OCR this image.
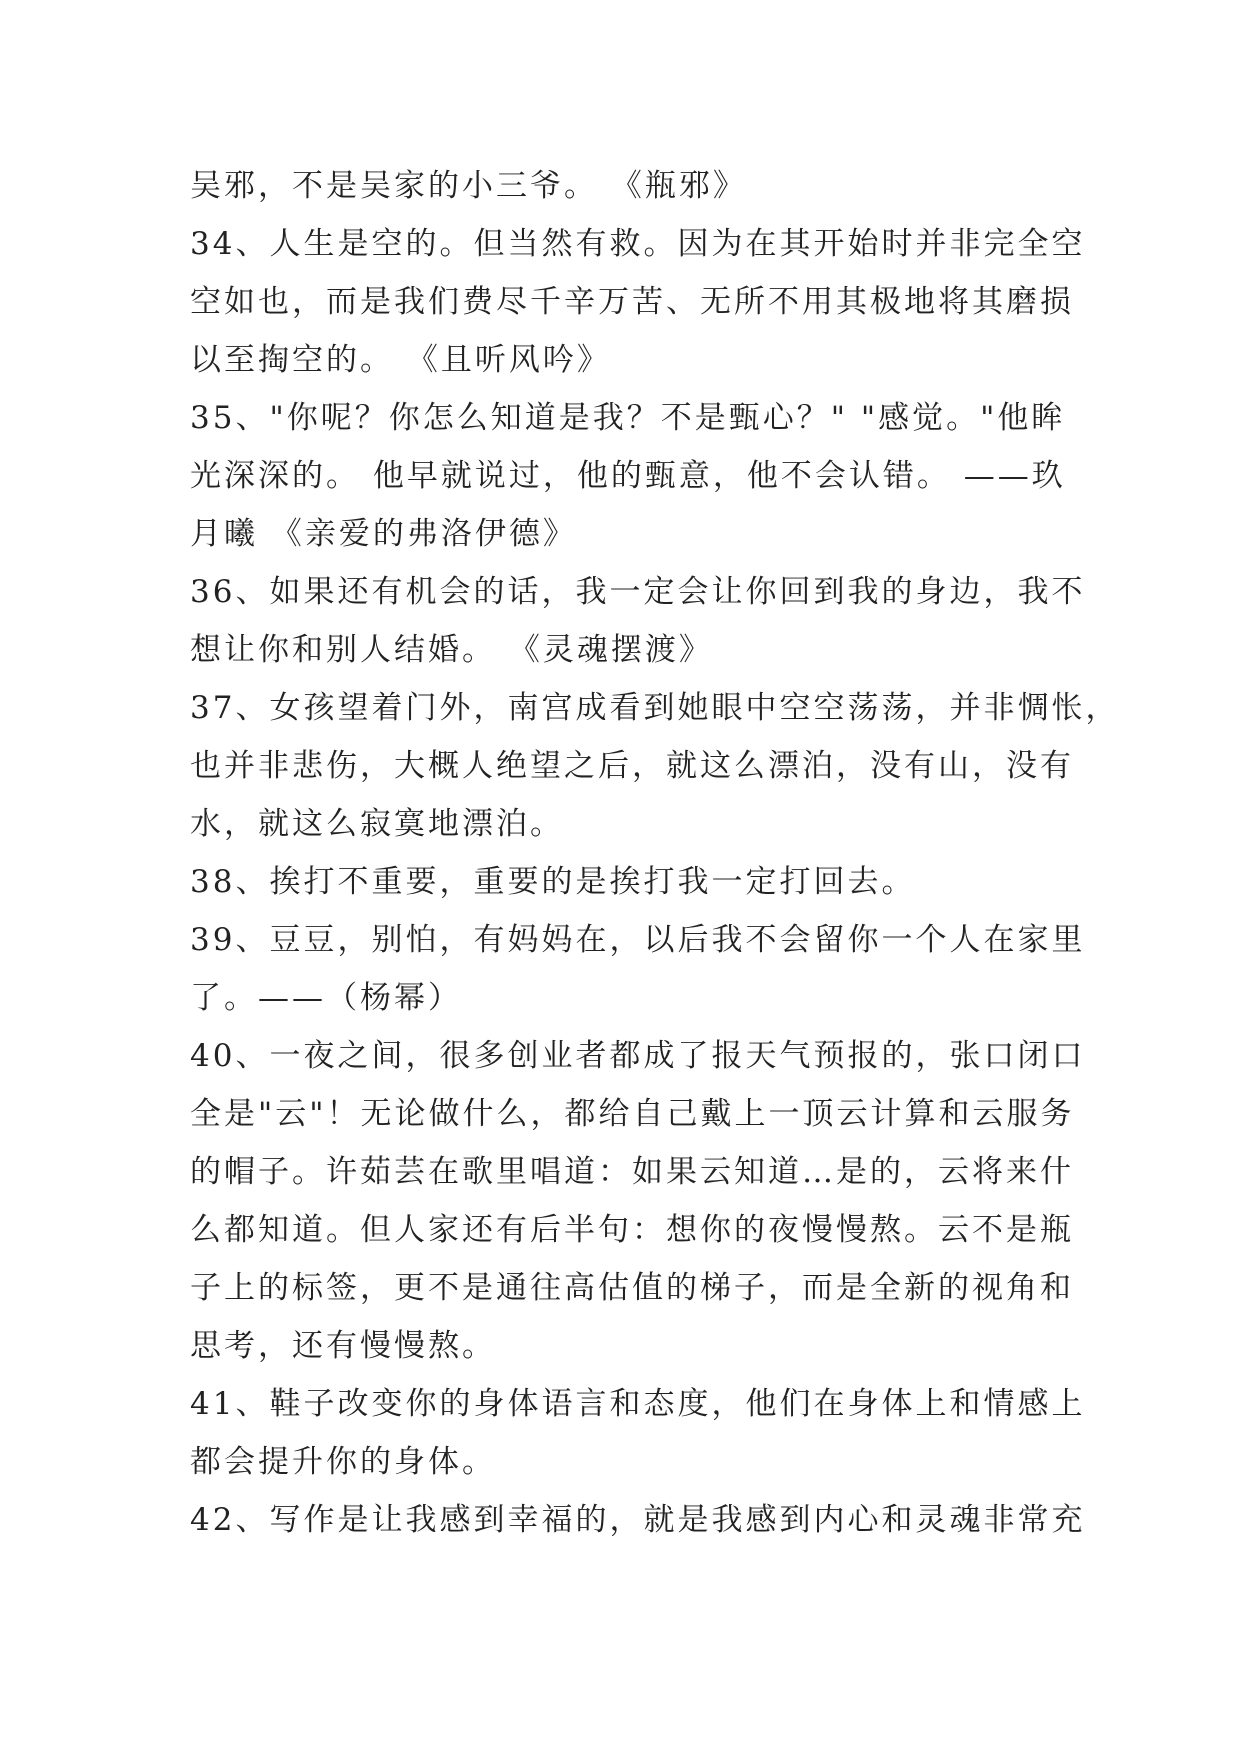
吴邪，不是吴家的小三爷。 《瓶邪》
34、人生是空的。但当然有救。因为在其开始时并非完全空
空如也，而是我们费尽千辛万苦、无所不用其极地将其磨损
以至掏空的。 《且听风吟》
35、"你呢？你怎么知道是我？不是甄心？" "感觉。"他眸
光深深的。 他早就说过，他的甄意，他不会认错。 ——玖
月曦 《亲爱的弗洛伊德》
36、如果还有机会的话，我一定会让你回到我的身边，我不
想让你和别人结婚。 《灵魂摆渡》
37、女孩望着门外，南宫成看到她眼中空空荡荡，并非惆怅，
也并非悲伤，大概人绝望之后，就这么漂泊，没有山，没有
水，就这么寂寞地漂泊。
38、挨打不重要，重要的是挨打我一定打回去。
39、豆豆，别怕，有妈妈在，以后我不会留你一个人在家里
了。——（杨幂）
40、一夜之间，很多创业者都成了报天气预报的，张口闭口
全是"云"！无论做什么，都给自己戴上一顶云计算和云服务
的帽子。许茹芸在歌里唱道：如果云知道…是的，云将来什
么都知道。但人家还有后半句：想你的夜慢慢熬。云不是瓶
子上的标签，更不是通往高估值的梯子，而是全新的视角和
思考，还有慢慢熬。
41、鞋子改变你的身体语言和态度，他们在身体上和情感上
都会提升你的身体。
42、写作是让我感到幸福的，就是我感到内心和灵魂非常充
